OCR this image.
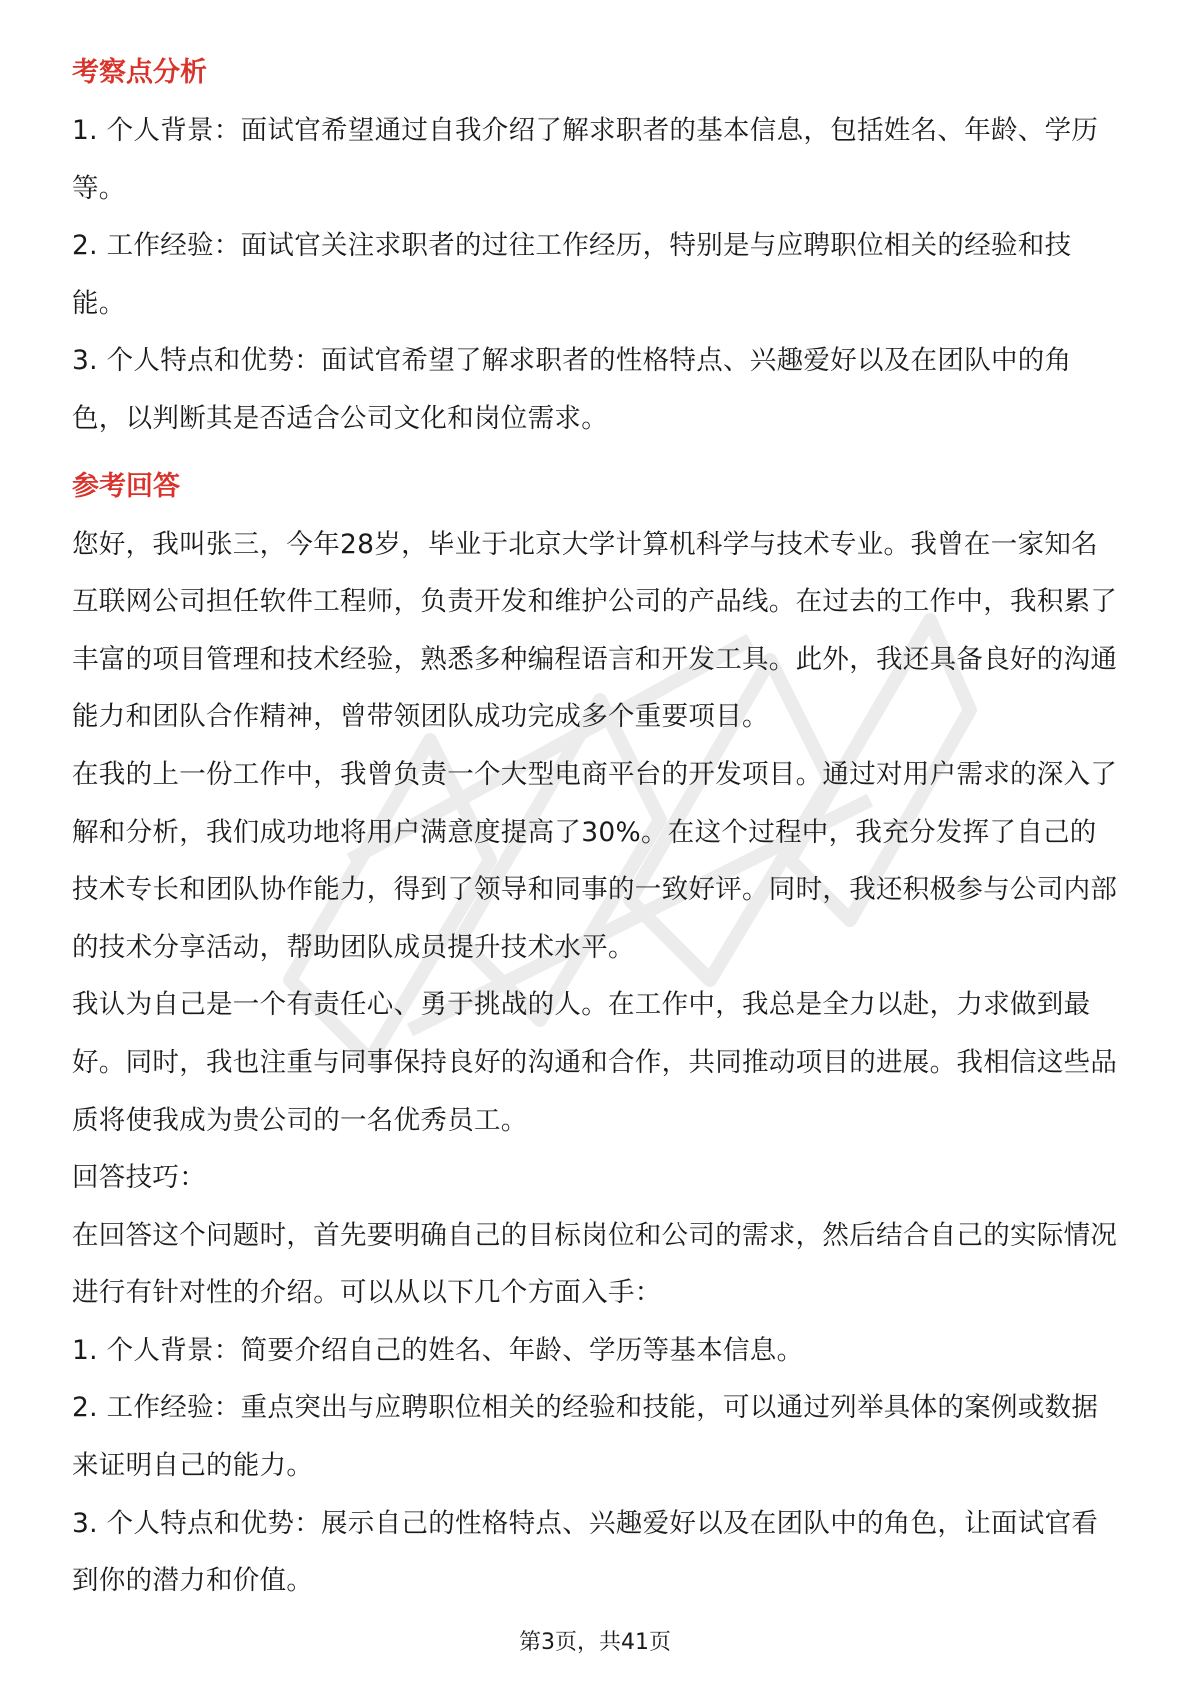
考察点分析

1. 个人背景：面试官希望通过自我介绍了解求职者的基本信息，包括姓名、年龄、学历等。

2. 工作经验：面试官关注求职者的过往工作经历，特别是与应聘职位相关的经验和技能。

3. 个人特点和优势：面试官希望了解求职者的性格特点、兴趣爱好以及在团队中的角色，以判断其是否适合公司文化和岗位需求。

参考回答

您好，我叫张三，今年28岁，毕业于北京大学计算机科学与技术专业。我曾在一家知名互联网公司担任软件工程师，负责开发和维护公司的产品线。在过去的工作中，我积累了丰富的项目管理和技术经验，熟悉多种编程语言和开发工具。此外，我还具备良好的沟通能力和团队合作精神，曾带领团队成功完成多个重要项目。

在我的上一份工作中，我曾负责一个大型电商平台的开发项目。通过对用户需求的深入了解和分析，我们成功地将用户满意度提高了30%。在这个过程中，我充分发挥了自己的技术专长和团队协作能力，得到了领导和同事的一致好评。同时，我还积极参与公司内部的技术分享活动，帮助团队成员提升技术水平。

我认为自己是一个有责任心、勇于挑战的人。在工作中，我总是全力以赴，力求做到最好。同时，我也注重与同事保持良好的沟通和合作，共同推动项目的进展。我相信这些品质将使我成为贵公司的一名优秀员工。

回答技巧：

在回答这个问题时，首先要明确自己的目标岗位和公司的需求，然后结合自己的实际情况进行有针对性的介绍。可以从以下几个方面入手：

1. 个人背景：简要介绍自己的姓名、年龄、学历等基本信息。

2. 工作经验：重点突出与应聘职位相关的经验和技能，可以通过列举具体的案例或数据来证明自己的能力。

3. 个人特点和优势：展示自己的性格特点、兴趣爱好以及在团队中的角色，让面试官看到你的潜力和价值。

第3页，共41页
